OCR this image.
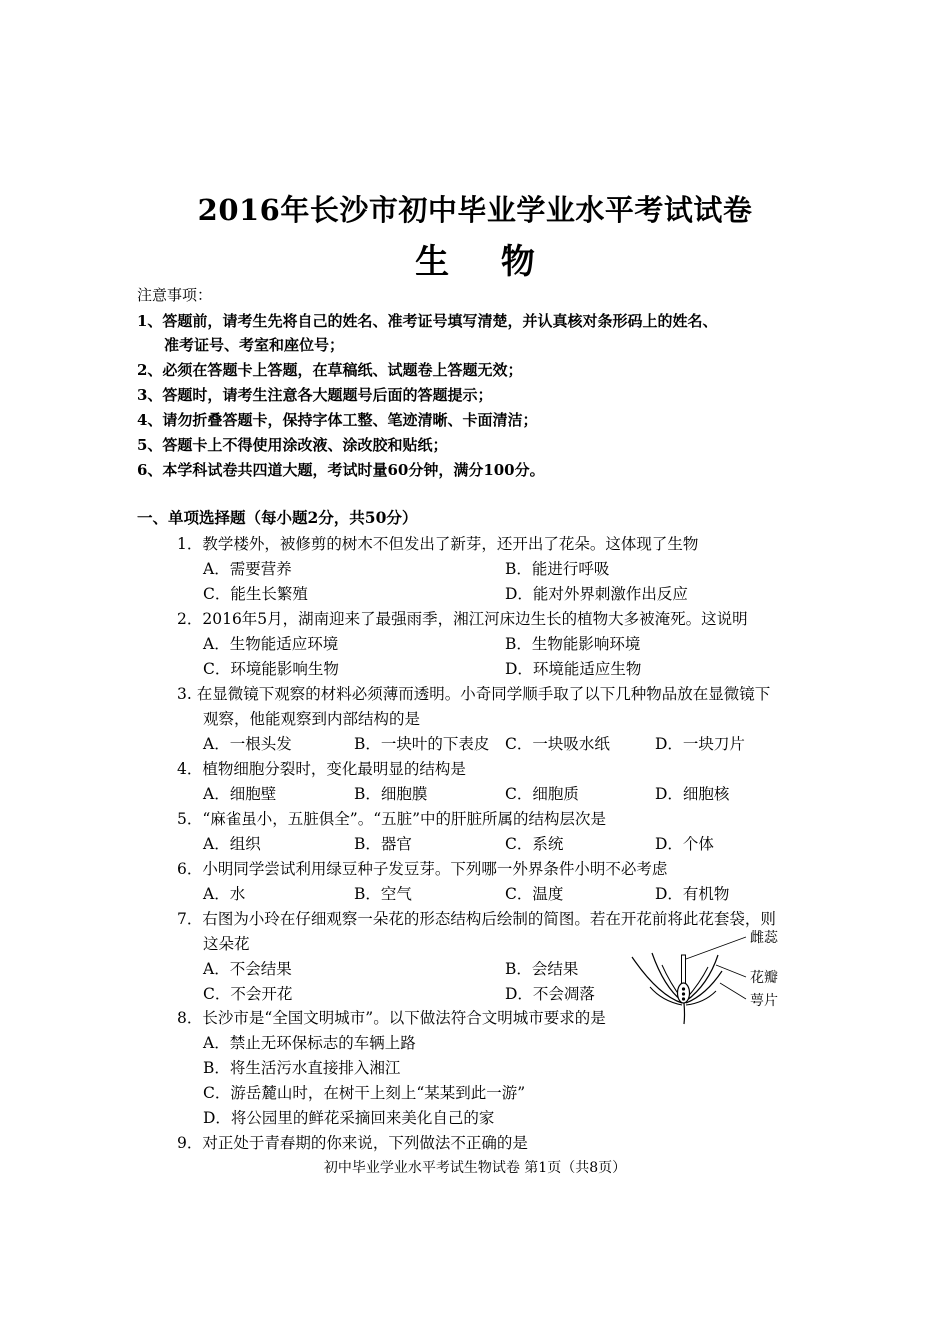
2016年长沙市初中毕业学业水平考试试卷
生 物
注意事项：
1、答题前，请考生先将自己的姓名、准考证号填写清楚，并认真核对条形码上的姓名、
准考证号、考室和座位号；
2、必须在答题卡上答题，在草稿纸、试题卷上答题无效；
3、答题时，请考生注意各大题题号后面的答题提示；
4、请勿折叠答题卡，保持字体工整、笔迹清晰、卡面清洁；
5、答题卡上不得使用涂改液、涂改胶和贴纸；
6、本学科试卷共四道大题，考试时量60分钟，满分100分。
一、单项选择题（每小题2分，共50分）
1．教学楼外，被修剪的树木不但发出了新芽，还开出了花朵。这体现了生物
A．需要营养	B．能进行呼吸
C．能生长繁殖	D．能对外界刺激作出反应
2．2016年5月，湖南迎来了最强雨季，湘江河床边生长的植物大多被淹死。这说明
A．生物能适应环境	B．生物能影响环境
C．环境能影响生物	D．环境能适应生物
3. 在显微镜下观察的材料必须薄而透明。小奇同学顺手取了以下几种物品放在显微镜下
观察，他能观察到内部结构的是
A．一根头发	B．一块叶的下表皮 C．一块吸水纸	D．一块刀片
4．植物细胞分裂时，变化最明显的结构是
A．细胞壁	B．细胞膜	C．细胞质	D．细胞核
5．“麻雀虽小，五脏俱全”。“五脏”中的肝脏所属的结构层次是
A．组织	B．器官	C．系统	D．个体
6．小明同学尝试利用绿豆种子发豆芽。下列哪一外界条件小明不必考虑
A．水	B．空气	C．温度	D．有机物
7．右图为小玲在仔细观察一朵花的形态结构后绘制的简图。若在开花前将此花套袋，则
这朵花
A．不会结果	B．会结果
C．不会开花	D．不会凋落
雌蕊
花瓣
萼片
8．长沙市是“全国文明城市”。以下做法符合文明城市要求的是
A．禁止无环保标志的车辆上路
B．将生活污水直接排入湘江
C．游岳麓山时，在树干上刻上“某某到此一游”
D．将公园里的鲜花采摘回来美化自己的家
9．对正处于青春期的你来说，下列做法不正确的是
初中毕业学业水平考试生物试卷 第1页（共8页）
